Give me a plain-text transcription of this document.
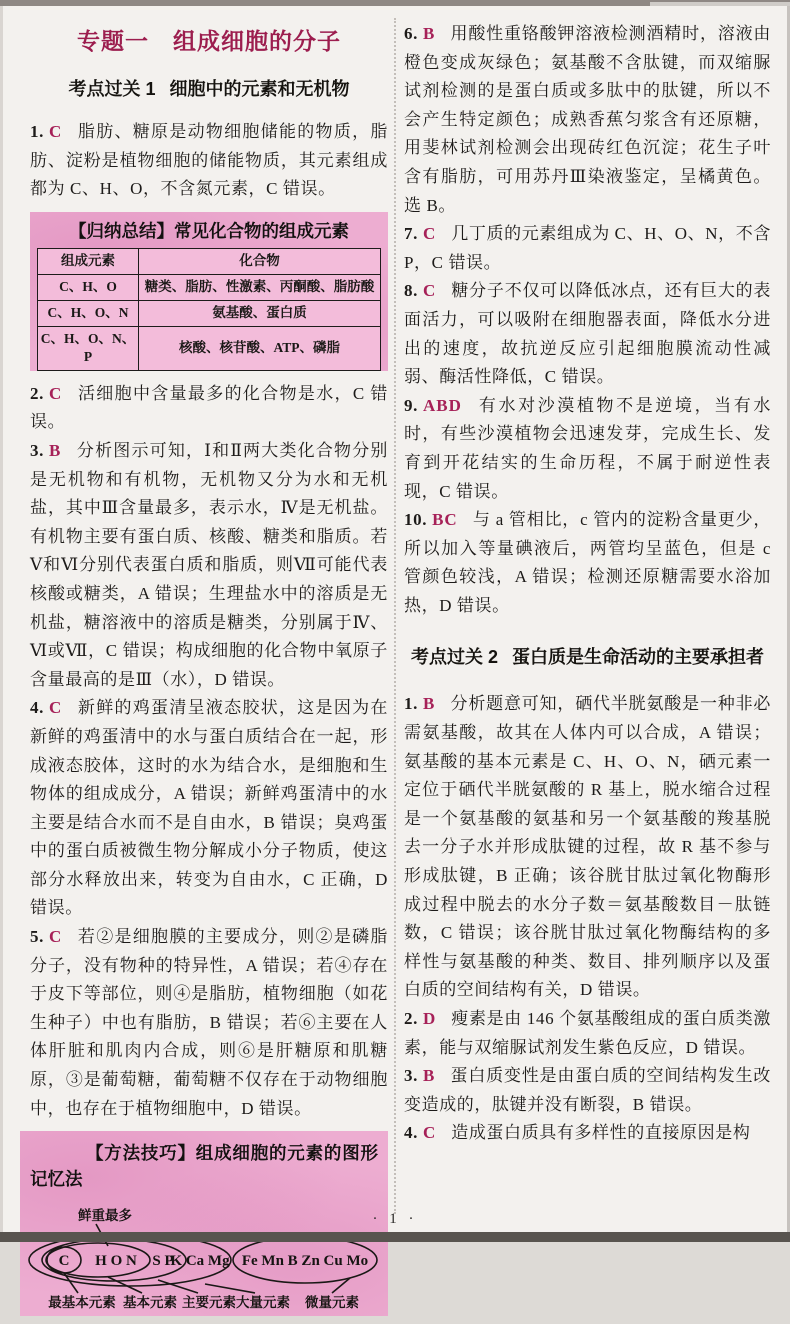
专题一　组成细胞的分子
考点过关 1 细胞中的元素和无机物

1. C 脂肪、糖原是动物细胞储能的物质，脂肪、淀粉是植物细胞的储能物质，其元素组成都为 C、H、O，不含氮元素，C 错误。

【归纳总结】常见化合物的组成元素
组成元素	化合物
C、H、O	糖类、脂肪、性激素、丙酮酸、脂肪酸
C、H、O、N	氨基酸、蛋白质
C、H、O、N、P	核酸、核苷酸、ATP、磷脂

2. C 活细胞中含量最多的化合物是水，C 错误。

3. B 分析图示可知，Ⅰ和Ⅱ两大类化合物分别是无机物和有机物，无机物又分为水和无机盐，其中Ⅲ含量最多，表示水，Ⅳ是无机盐。有机物主要有蛋白质、核酸、糖类和脂质。若Ⅴ和Ⅵ分别代表蛋白质和脂质，则Ⅶ可能代表核酸或糖类，A 错误；生理盐水中的溶质是无机盐，糖溶液中的溶质是糖类，分别属于Ⅳ、Ⅵ或Ⅶ，C 错误；构成细胞的化合物中氧原子含量最高的是Ⅲ（水），D 错误。

4. C 新鲜的鸡蛋清呈液态胶状，这是因为在新鲜的鸡蛋清中的水与蛋白质结合在一起，形成液态胶体，这时的水为结合水，是细胞和生物体的组成成分，A 错误；新鲜鸡蛋清中的水主要是结合水而不是自由水，B 错误；臭鸡蛋中的蛋白质被微生物分解成小分子物质，使这部分水释放出来，转变为自由水，C 正确，D 错误。

5. C 若②是细胞膜的主要成分，则②是磷脂分子，没有物种的特异性，A 错误；若④存在于皮下等部位，则④是脂肪，植物细胞（如花生种子）中也有脂肪，B 错误；若⑥主要在人体肝脏和肌肉内合成，则⑥是肝糖原和肌糖原，③是葡萄糖，葡萄糖不仅存在于动物细胞中，也存在于植物细胞中，D 错误。

【方法技巧】组成细胞的元素的图形记忆法

鲜重最多
C H O N S P
K Ca Mg Fe Mn B Zn Cu Mo
最基本元素 基本元素 主要元素 大量元素 微量元素

6. B 用酸性重铬酸钾溶液检测酒精时，溶液由橙色变成灰绿色；氨基酸不含肽键，而双缩脲试剂检测的是蛋白质或多肽中的肽键，所以不会产生特定颜色；成熟香蕉匀浆含有还原糖，用斐林试剂检测会出现砖红色沉淀；花生子叶含有脂肪，可用苏丹Ⅲ染液鉴定，呈橘黄色。选 B。

7. C 几丁质的元素组成为 C、H、O、N，不含 P，C 错误。

8. C 糖分子不仅可以降低冰点，还有巨大的表面活力，可以吸附在细胞器表面，降低水分进出的速度，故抗逆反应引起细胞膜流动性减弱、酶活性降低，C 错误。

9. ABD 有水对沙漠植物不是逆境，当有水时，有些沙漠植物会迅速发芽，完成生长、发育到开花结实的生命历程，不属于耐逆性表现，C 错误。

10. BC 与 a 管相比，c 管内的淀粉含量更少，所以加入等量碘液后，两管均呈蓝色，但是 c 管颜色较浅，A 错误；检测还原糖需要水浴加热，D 错误。

考点过关 2 蛋白质是生命活动的主要承担者

1. B 分析题意可知，硒代半胱氨酸是一种非必需氨基酸，故其在人体内可以合成，A 错误；氨基酸的基本元素是 C、H、O、N，硒元素一定位于硒代半胱氨酸的 R 基上，脱水缩合过程是一个氨基酸的氨基和另一个氨基酸的羧基脱去一分子水并形成肽键的过程，故 R 基不参与形成肽键，B 正确；该谷胱甘肽过氧化物酶形成过程中脱去的水分子数＝氨基酸数目－肽链数，C 错误；该谷胱甘肽过氧化物酶结构的多样性与氨基酸的种类、数目、排列顺序以及蛋白质的空间结构有关，D 错误。

2. D 瘦素是由 146 个氨基酸组成的蛋白质类激素，能与双缩脲试剂发生紫色反应，D 错误。

3. B 蛋白质变性是由蛋白质的空间结构发生改变造成的，肽键并没有断裂，B 错误。

4. C 造成蛋白质具有多样性的直接原因是构

· 1 ·
